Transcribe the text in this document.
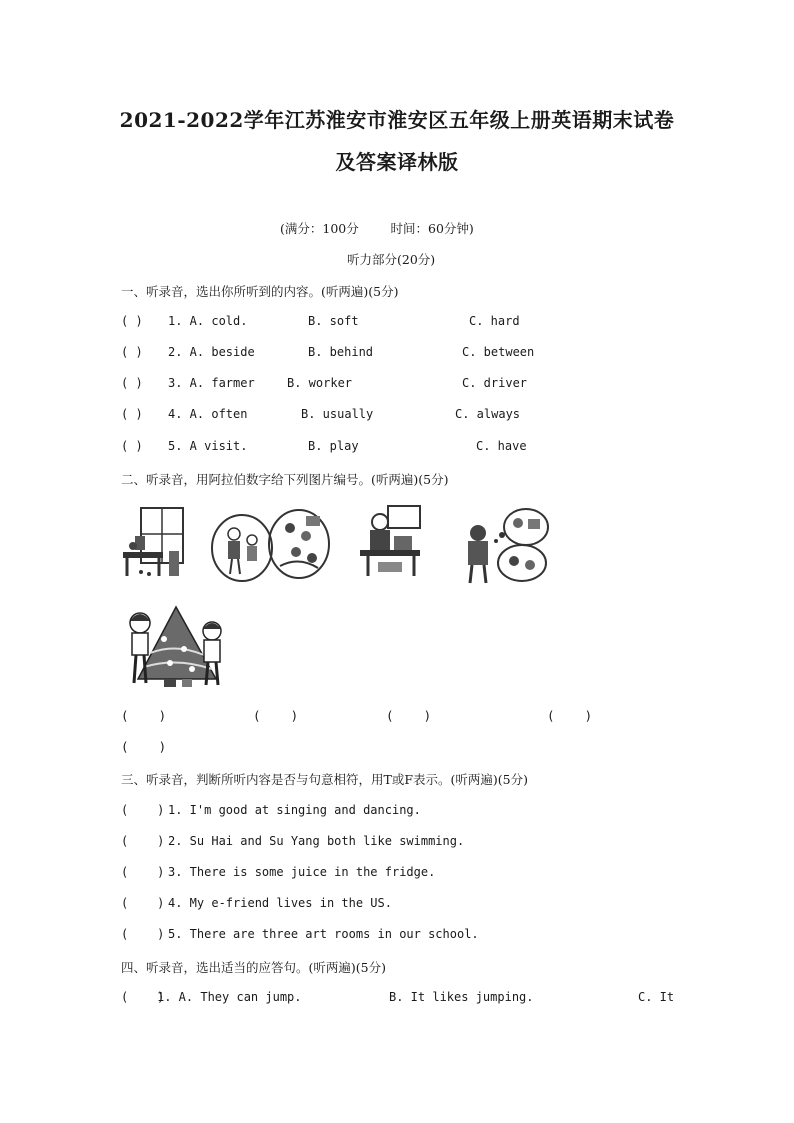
2021-2022学年江苏淮安市淮安区五年级上册英语期末试卷
及答案译林版
(满分：100分        时间：60分钟)
听力部分(20分)
一、听录音，选出你所听到的内容。(听两遍)(5分)
( ) 1. A. cold.	B. soft	C. hard
( ) 2. A. beside	B. behind	C. between
( ) 3. A. farmer	B. worker	C. driver
( ) 4. A. often	B. usually	C. always
( ) 5. A visit.	B. play	C. have
二、听录音，用阿拉伯数字给下列图片编号。(听两遍)(5分)
(    )	(    )	(    )	(    )
(    )
三、听录音，判断所听内容是否与句意相符，用T或F表示。(听两遍)(5分)
(    ) 1. I'm good at singing and dancing.
(    ) 2. Su Hai and Su Yang both like swimming.
(    ) 3. There is some juice in the fridge.
(    ) 4. My e-friend lives in the US.
(    ) 5. There are three art rooms in our school.
四、听录音，选出适当的应答句。(听两遍)(5分)
(    )
1. A. They can jump.	B. It likes jumping.	C. It
